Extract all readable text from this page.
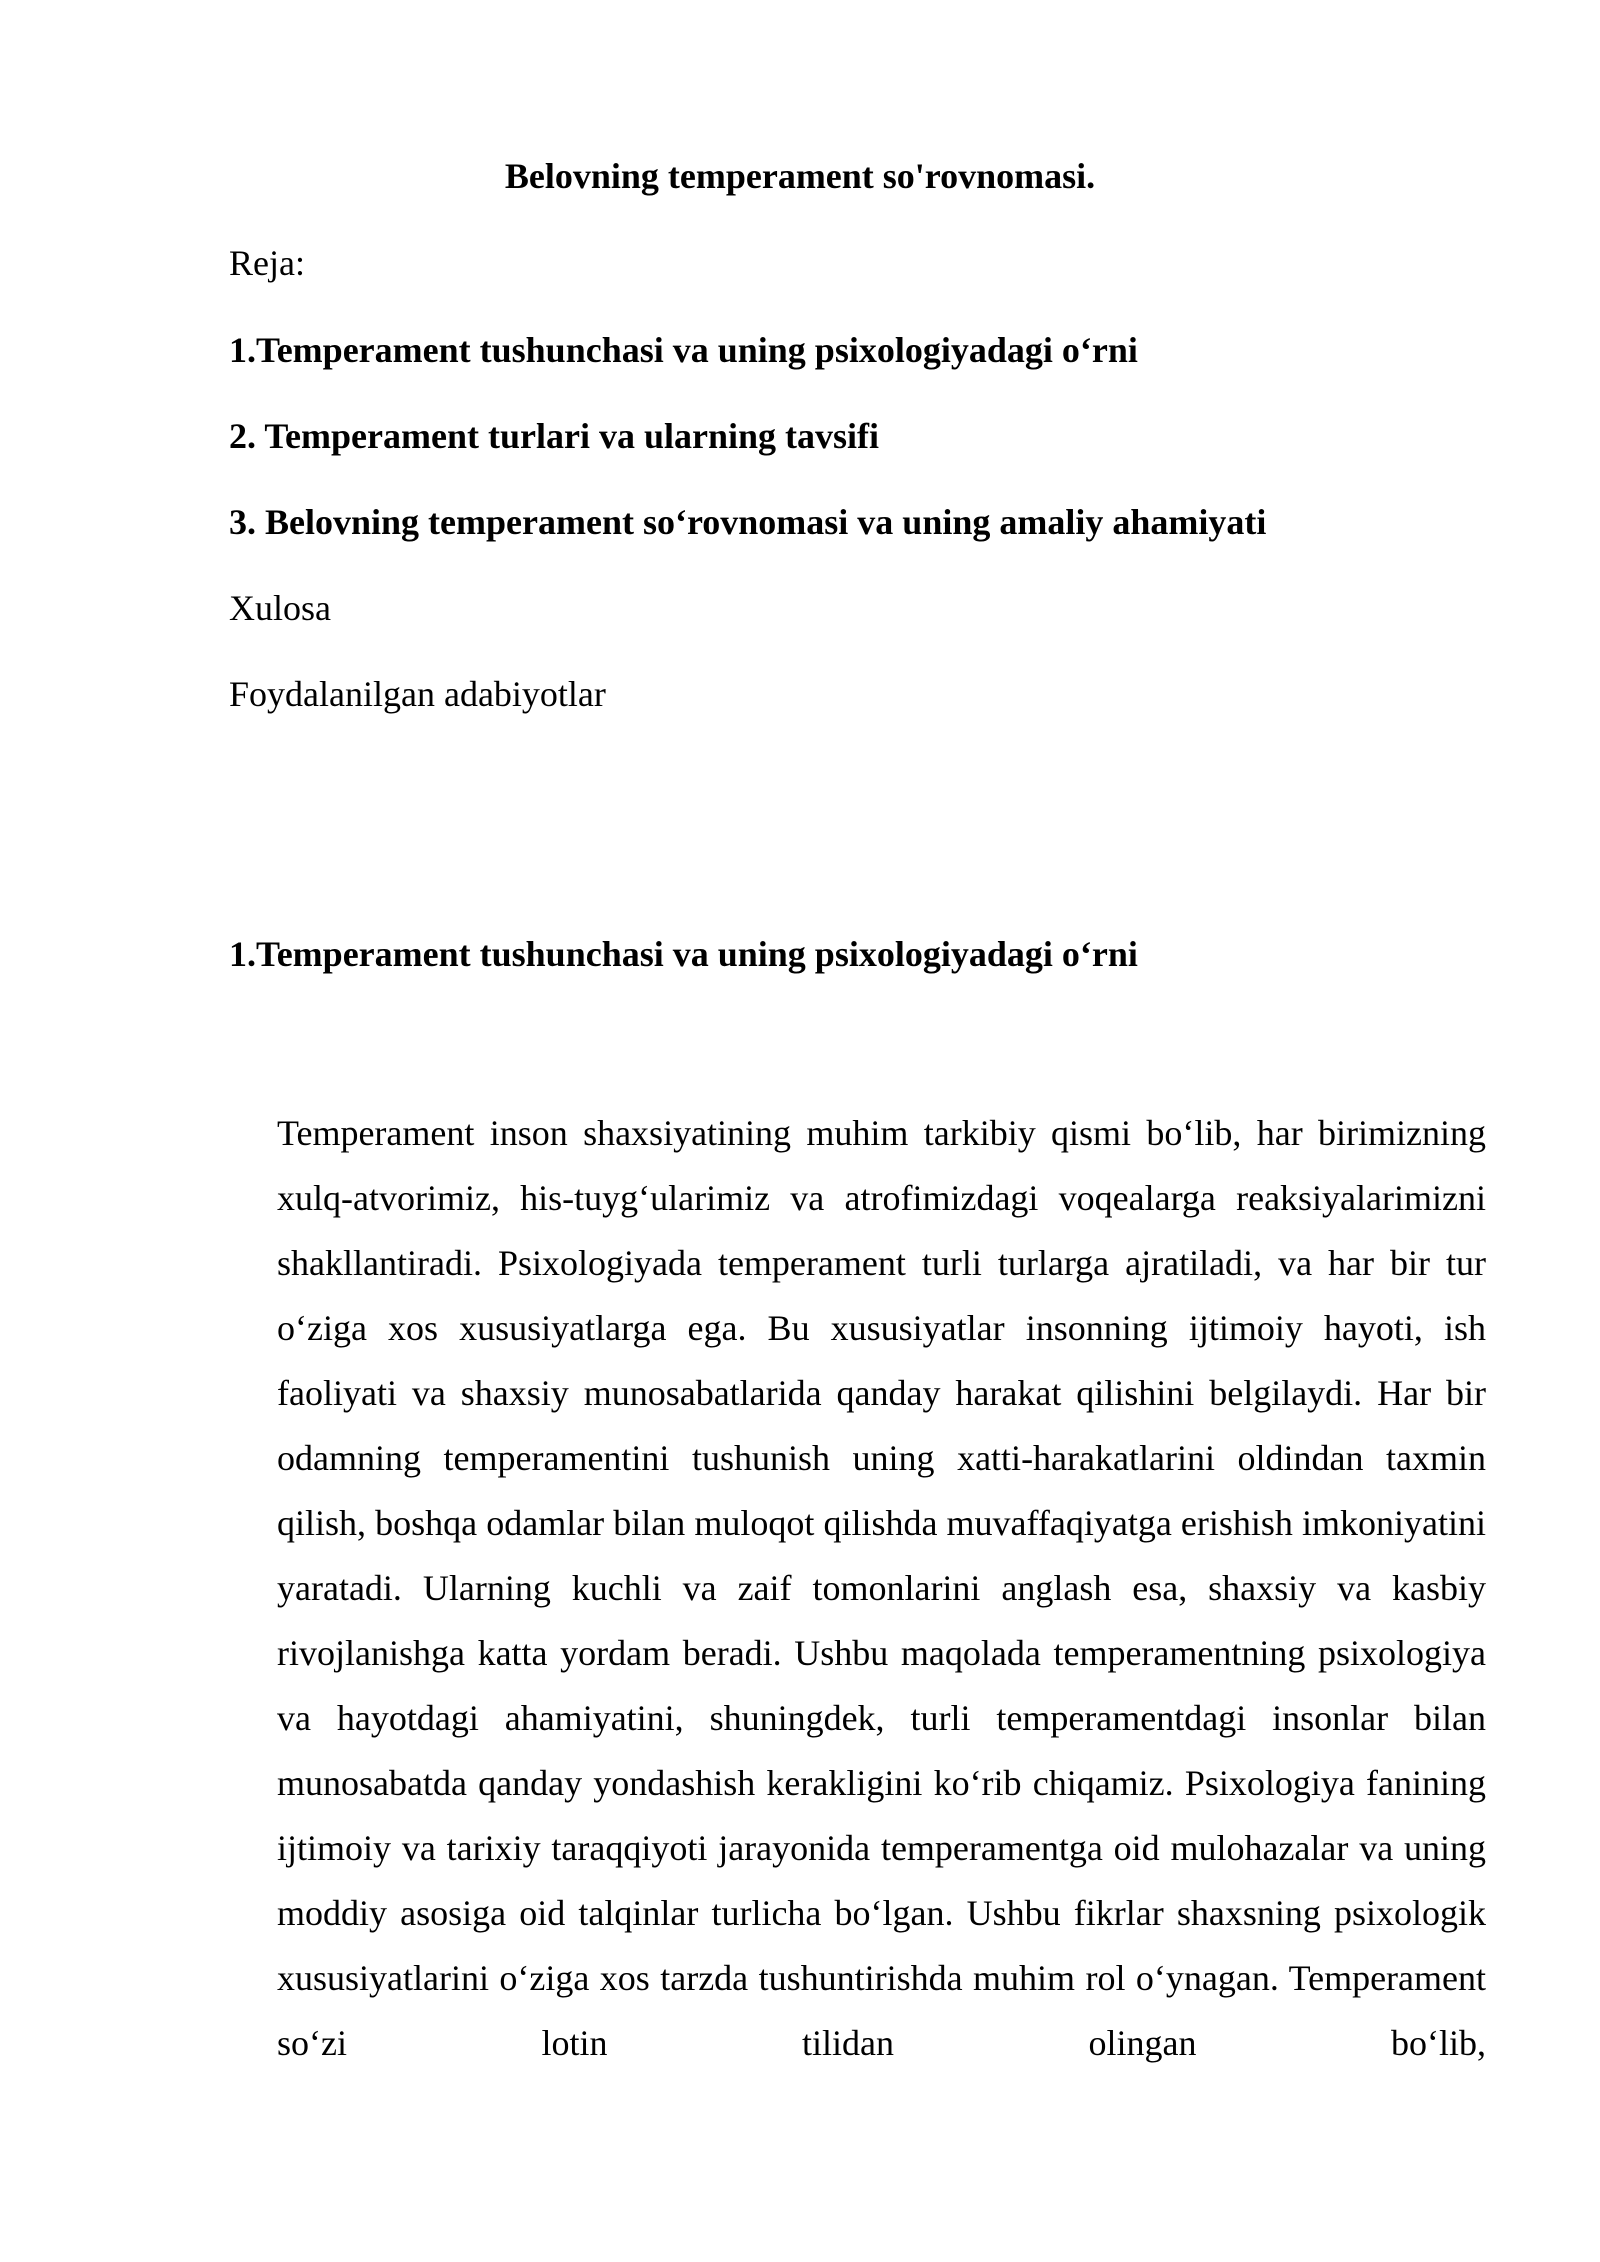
Belovning temperament so'rovnomasi.

Reja:

1.Temperament tushunchasi va uning psixologiyadagi o‘rni

2. Temperament turlari va ularning tavsifi

3. Belovning temperament so‘rovnomasi va uning amaliy ahamiyati

Xulosa

Foydalanilgan adabiyotlar

1.Temperament tushunchasi va uning psixologiyadagi o‘rni

Temperament inson shaxsiyatining muhim tarkibiy qismi bo‘lib, har birimizning xulq-atvorimiz, his-tuyg‘ularimiz va atrofimizdagi voqealarga reaksiyalarimizni shakllantiradi. Psixologiyada temperament turli turlarga ajratiladi, va har bir tur o‘ziga xos xususiyatlarga ega. Bu xususiyatlar insonning ijtimoiy hayoti, ish faoliyati va shaxsiy munosabatlarida qanday harakat qilishini belgilaydi. Har bir odamning temperamentini tushunish uning xatti-harakatlarini oldindan taxmin qilish, boshqa odamlar bilan muloqot qilishda muvaffaqiyatga erishish imkoniyatini yaratadi. Ularning kuchli va zaif tomonlarini anglash esa, shaxsiy va kasbiy rivojlanishga katta yordam beradi. Ushbu maqolada temperamentning psixologiya va hayotdagi ahamiyatini, shuningdek, turli temperamentdagi insonlar bilan munosabatda qanday yondashish kerakligini ko‘rib chiqamiz. Psixologiya fanining ijtimoiy va tarixiy taraqqiyoti jarayonida temperamentga oid mulohazalar va uning moddiy asosiga oid talqinlar turlicha bo‘lgan. Ushbu fikrlar shaxsning psixologik xususiyatlarini o‘ziga xos tarzda tushuntirishda muhim rol o‘ynagan. Temperament so‘zi lotin tilidan olingan bo‘lib,
